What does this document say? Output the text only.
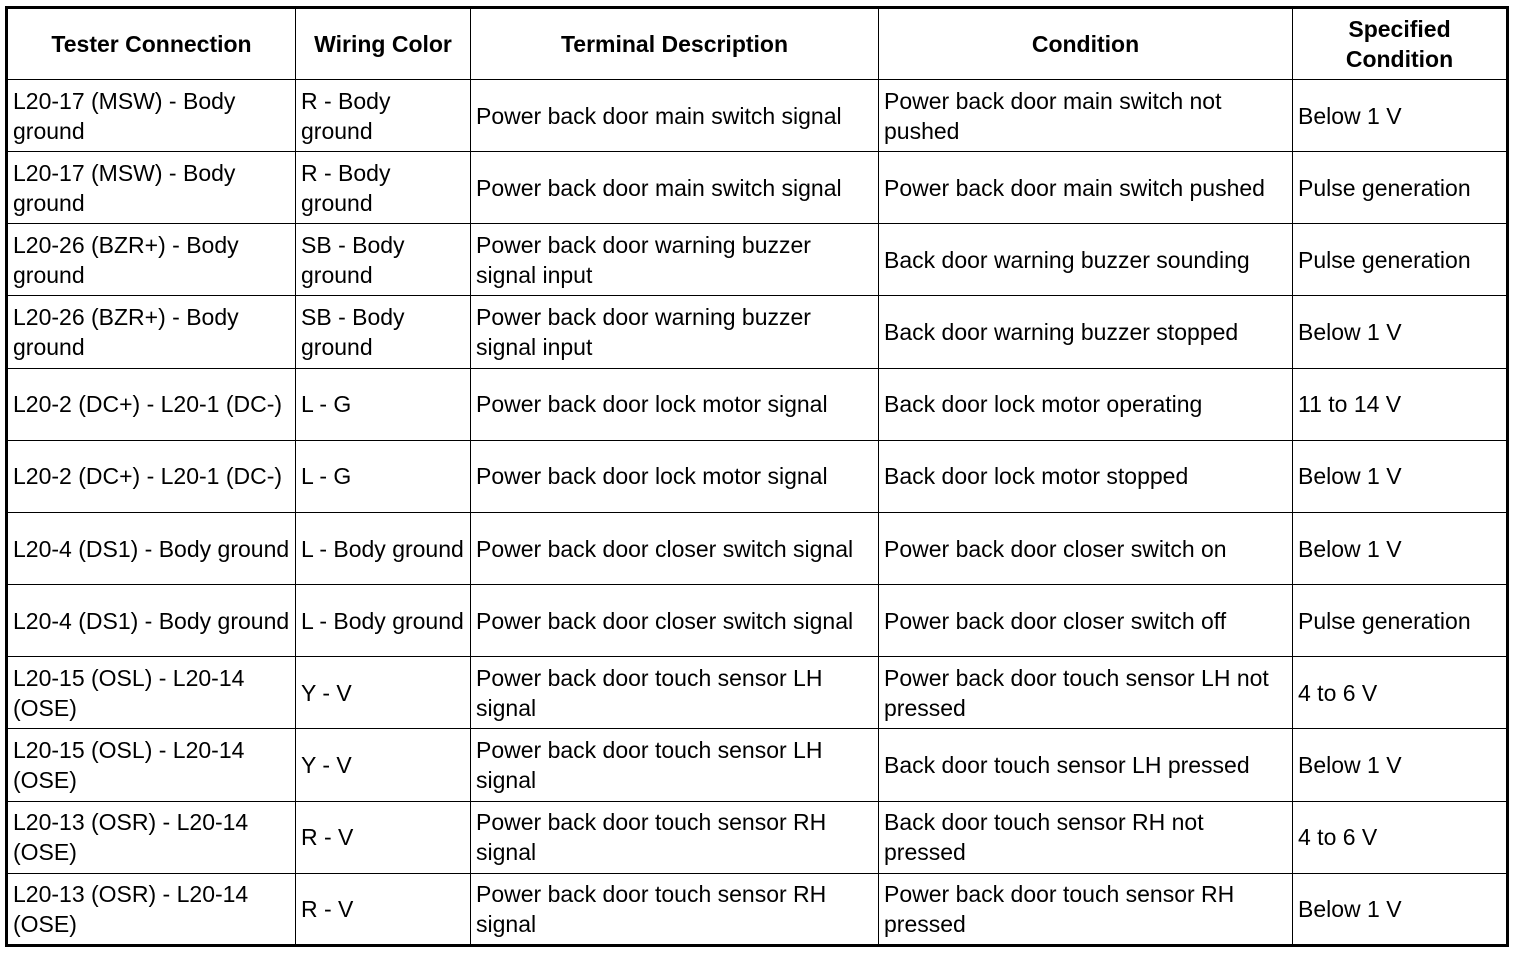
Tester Connection	Wiring Color	Terminal Description	Condition	Specified Condition
L20-17 (MSW) - Body ground	R - Body ground	Power back door main switch signal	Power back door main switch not pushed	Below 1 V
L20-17 (MSW) - Body ground	R - Body ground	Power back door main switch signal	Power back door main switch pushed	Pulse generation
L20-26 (BZR+) - Body ground	SB - Body ground	Power back door warning buzzer signal input	Back door warning buzzer sounding	Pulse generation
L20-26 (BZR+) - Body ground	SB - Body ground	Power back door warning buzzer signal input	Back door warning buzzer stopped	Below 1 V
L20-2 (DC+) - L20-1 (DC-)	L - G	Power back door lock motor signal	Back door lock motor operating	11 to 14 V
L20-2 (DC+) - L20-1 (DC-)	L - G	Power back door lock motor signal	Back door lock motor stopped	Below 1 V
L20-4 (DS1) - Body ground	L - Body ground	Power back door closer switch signal	Power back door closer switch on	Below 1 V
L20-4 (DS1) - Body ground	L - Body ground	Power back door closer switch signal	Power back door closer switch off	Pulse generation
L20-15 (OSL) - L20-14 (OSE)	Y - V	Power back door touch sensor LH signal	Power back door touch sensor LH not pressed	4 to 6 V
L20-15 (OSL) - L20-14 (OSE)	Y - V	Power back door touch sensor LH signal	Back door touch sensor LH pressed	Below 1 V
L20-13 (OSR) - L20-14 (OSE)	R - V	Power back door touch sensor RH signal	Back door touch sensor RH not pressed	4 to 6 V
L20-13 (OSR) - L20-14 (OSE)	R - V	Power back door touch sensor RH signal	Power back door touch sensor RH pressed	Below 1 V
